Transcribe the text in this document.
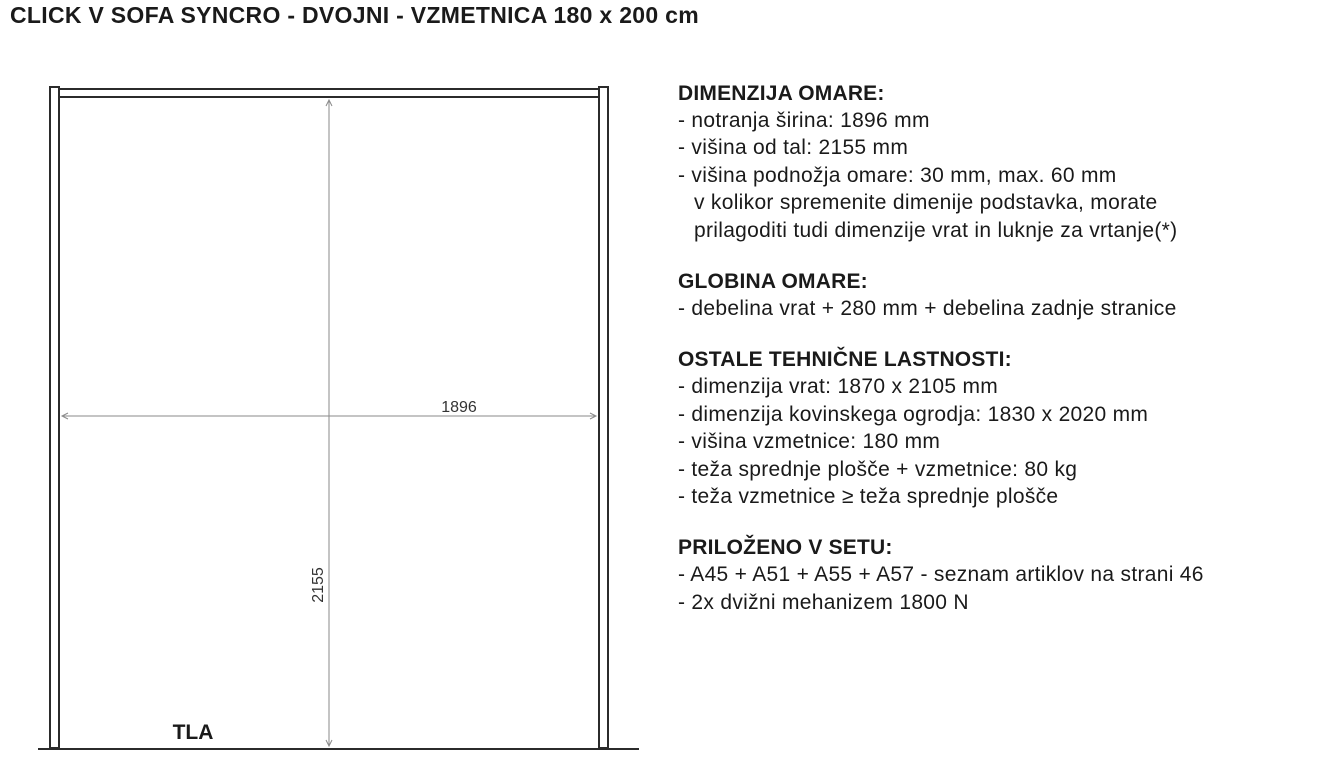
CLICK V SOFA SYNCRO - DVOJNI - VZMETNICA 180 x 200 cm
1896
2155
TLA
DIMENZIJA OMARE:
- notranja širina: 1896 mm
- višina od tal: 2155 mm
- višina podnožja omare: 30 mm, max. 60 mm
v kolikor spremenite dimenije podstavka, morate
prilagoditi tudi dimenzije vrat in luknje za vrtanje(*)
GLOBINA OMARE:
- debelina vrat + 280 mm + debelina zadnje stranice
OSTALE TEHNIČNE LASTNOSTI:
- dimenzija vrat: 1870 x 2105 mm
- dimenzija kovinskega ogrodja: 1830 x 2020 mm
- višina vzmetnice: 180 mm
- teža sprednje plošče + vzmetnice: 80 kg
- teža vzmetnice ≥ teža sprednje plošče
PRILOŽENO V SETU:
- A45 + A51 + A55 + A57 - seznam artiklov na strani 46
- 2x dvižni mehanizem 1800 N
